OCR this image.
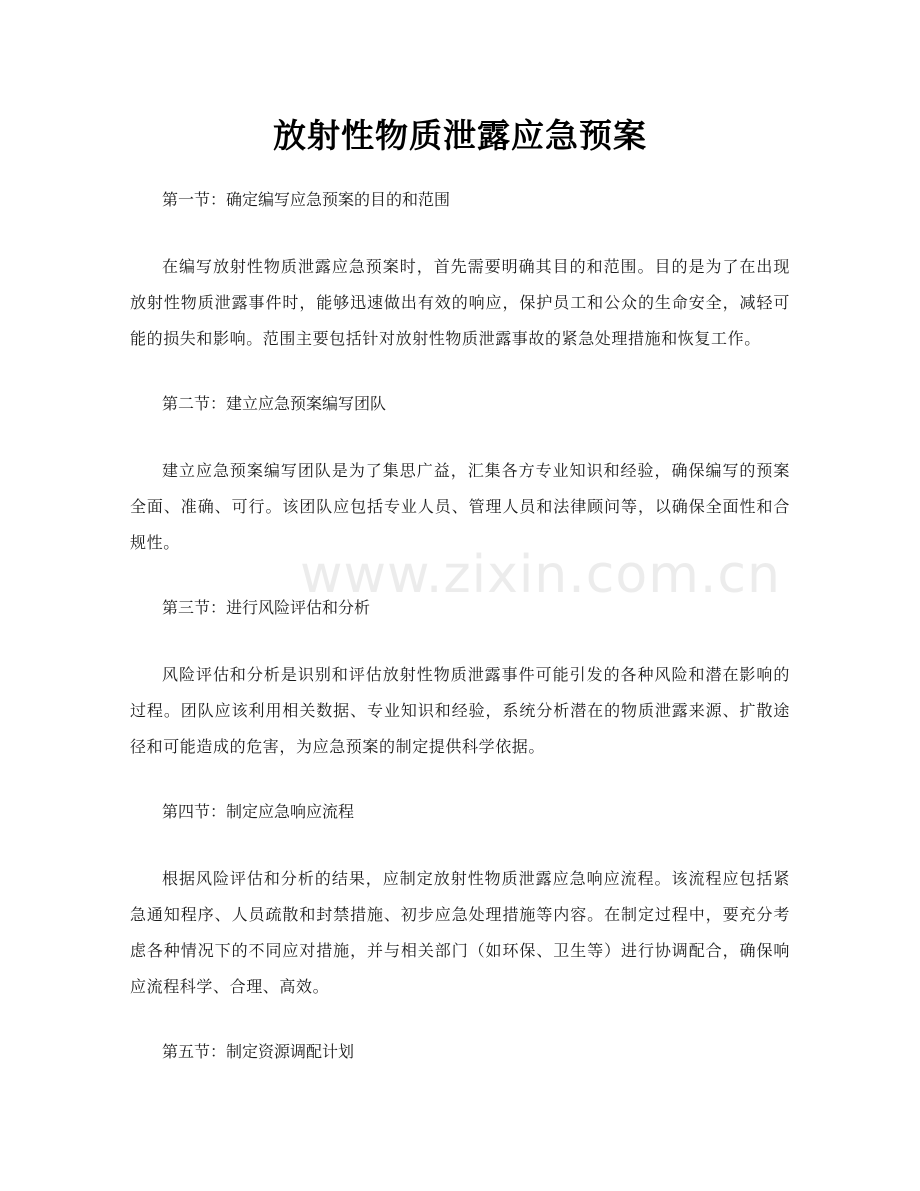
放射性物质泄露应急预案

第一节：确定编写应急预案的目的和范围

在编写放射性物质泄露应急预案时，首先需要明确其目的和范围。目的是为了在出现放射性物质泄露事件时，能够迅速做出有效的响应，保护员工和公众的生命安全，减轻可能的损失和影响。范围主要包括针对放射性物质泄露事故的紧急处理措施和恢复工作。

第二节：建立应急预案编写团队

建立应急预案编写团队是为了集思广益，汇集各方专业知识和经验，确保编写的预案全面、准确、可行。该团队应包括专业人员、管理人员和法律顾问等，以确保全面性和合规性。

第三节：进行风险评估和分析

风险评估和分析是识别和评估放射性物质泄露事件可能引发的各种风险和潜在影响的过程。团队应该利用相关数据、专业知识和经验，系统分析潜在的物质泄露来源、扩散途径和可能造成的危害，为应急预案的制定提供科学依据。

第四节：制定应急响应流程

根据风险评估和分析的结果，应制定放射性物质泄露应急响应流程。该流程应包括紧急通知程序、人员疏散和封禁措施、初步应急处理措施等内容。在制定过程中，要充分考虑各种情况下的不同应对措施，并与相关部门（如环保、卫生等）进行协调配合，确保响应流程科学、合理、高效。

第五节：制定资源调配计划

www.zixin.com.cn
